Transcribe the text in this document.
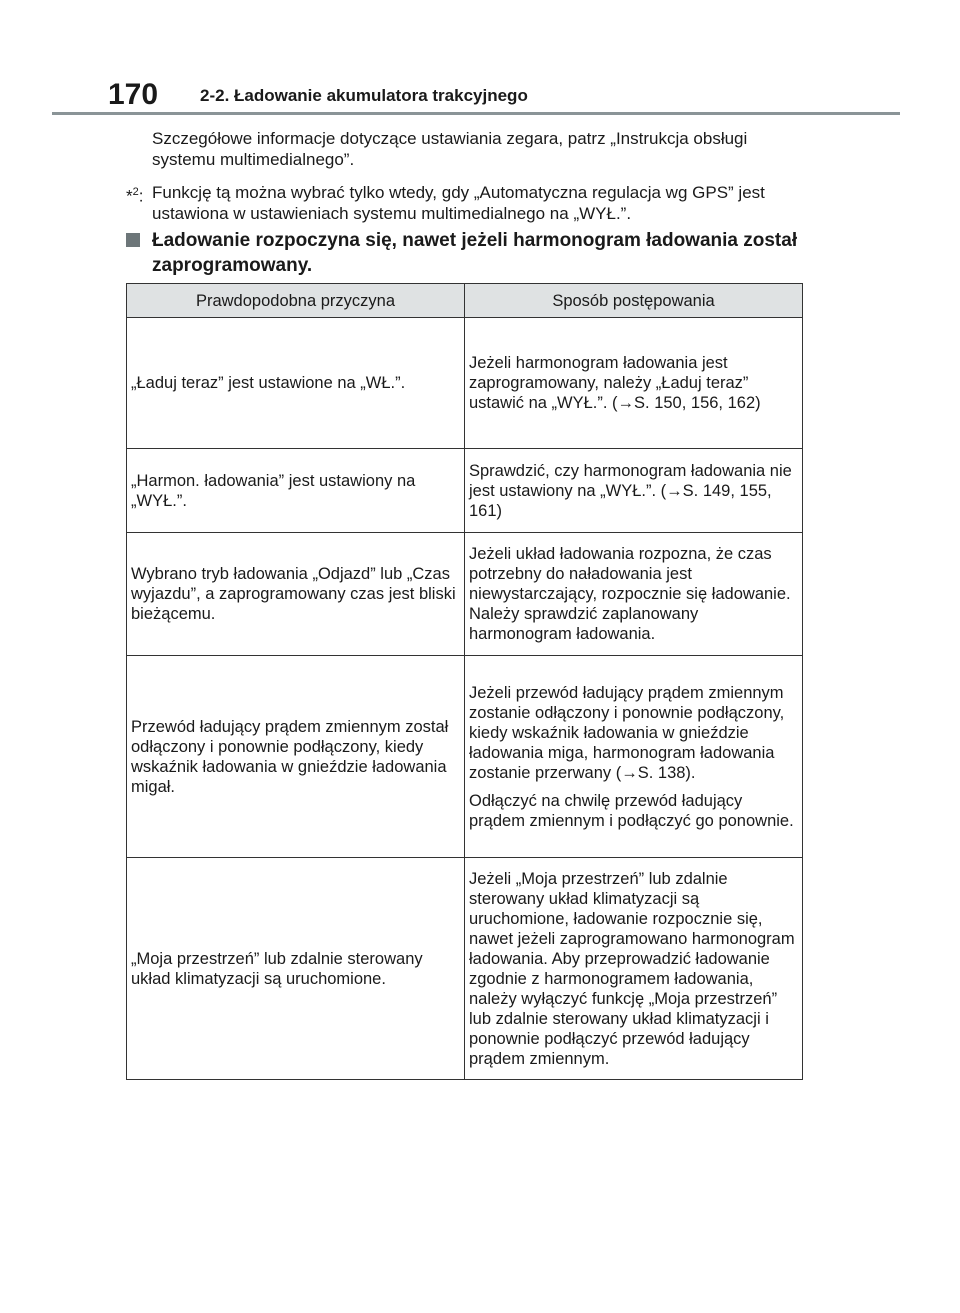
170 2-2. Ładowanie akumulatora trakcyjnego
Szczegółowe informacje dotyczące ustawiania zegara, patrz „Instrukcja obsługi systemu multimedialnego”.
*$^2$: Funkcję tą można wybrać tylko wtedy, gdy „Automatyczna regulacja wg GPS” jest ustawiona w ustawieniach systemu multimedialnego na „WYŁ.”.
Ładowanie rozpoczyna się, nawet jeżeli harmonogram ładowania został zaprogramowany.
Prawdopodobna przyczyna	Sposób postępowania
„Ładuj teraz” jest ustawione na „WŁ.”.	Jeżeli harmonogram ładowania jest zaprogramowany, należy „Ładuj teraz” ustawić na „WYŁ.”. (→S. 150, 156, 162)

„Harmon. ładowania” jest ustawiony na „WYŁ.”.	Sprawdzić, czy harmonogram ładowania nie jest ustawiony na „WYŁ.”. (→S. 149, 155, 161)

Wybrano tryb ładowania „Odjazd” lub „Czas wyjazdu”, a zaprogramowany czas jest bliski bieżącemu.	Jeżeli układ ładowania rozpozna, że czas potrzebny do naładowania jest niewystarczający, rozpocznie się ładowanie. Należy sprawdzić zaplanowany harmonogram ładowania.

Przewód ładujący prądem zmiennym został odłączony i ponownie podłączony, kiedy wskaźnik ładowania w gnieździe ładowania migał.	Jeżeli przewód ładujący prądem zmiennym zostanie odłączony i ponownie podłączony, kiedy wskaźnik ładowania w gnieździe ładowania miga, harmonogram ładowania zostanie przerwany (→S. 138).

Odłączyć na chwilę przewód ładujący prądem zmiennym i podłączyć go ponownie.

„Moja przestrzeń” lub zdalnie sterowany układ klimatyzacji są uruchomione.	Jeżeli „Moja przestrzeń” lub zdalnie sterowany układ klimatyzacji są uruchomione, ładowanie rozpocznie się, nawet jeżeli zaprogramowano harmonogram ładowania. Aby przeprowadzić ładowanie zgodnie z harmonogramem ładowania, należy wyłączyć funkcję „Moja przestrzeń” lub zdalnie sterowany układ klimatyzacji i ponownie podłączyć przewód ładujący prądem zmiennym.
